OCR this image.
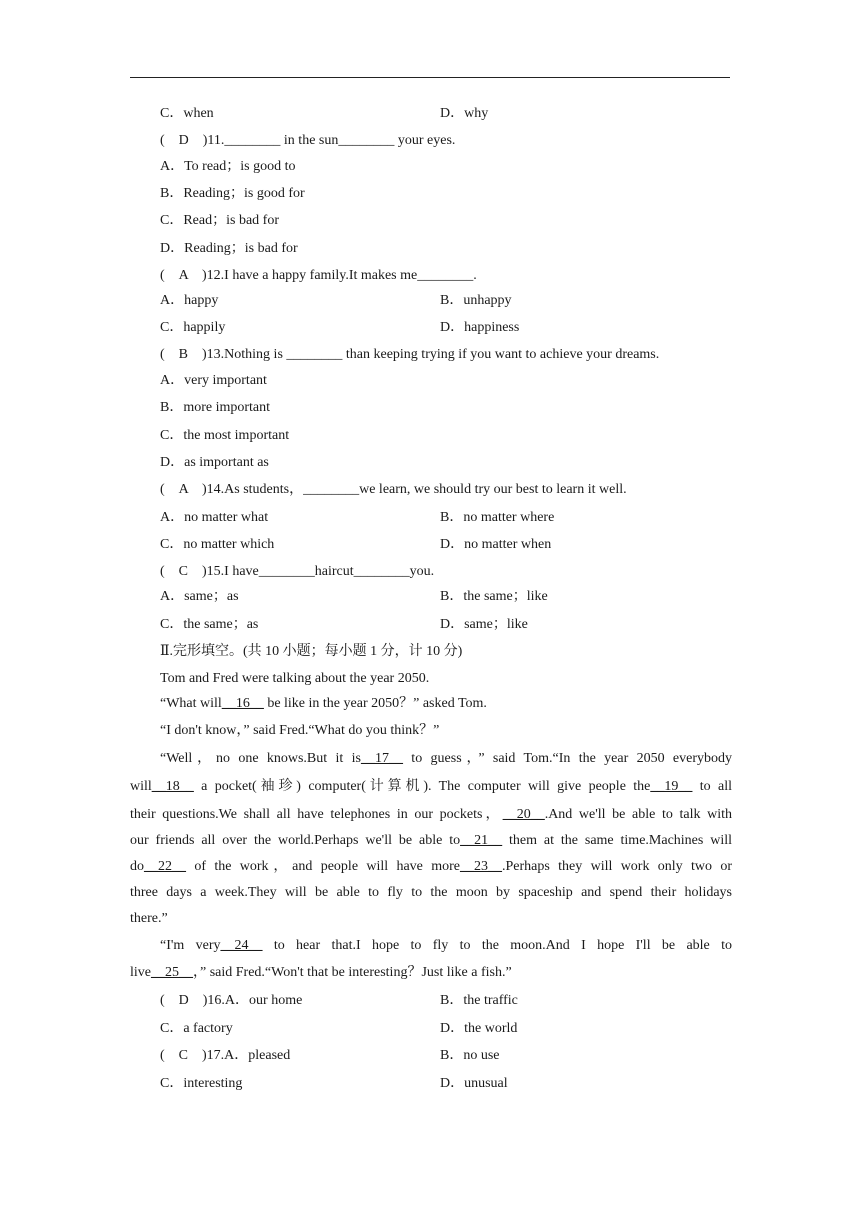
C．when	D．why
(　D　)11.________ in the sun________ your eyes.
A．To read；is good to
B．Reading；is good for
C．Read；is bad for
D．Reading；is bad for
(　A　)12.I have a happy family.It makes me________.
A．happy	B．unhappy
C．happily	D．happiness
(　B　)13.Nothing is ________ than keeping trying if you want to achieve your dreams.
A．very important
B．more important
C．the most important
D．as important as
(　A　)14.As students，________we learn, we should try our best to learn it well.
A．no matter what	B．no matter where
C．no matter which	D．no matter when
(　C　)15.I have________haircut________you.
A．same；as	B．the same；like
C．the same；as	D．same；like
Ⅱ.完形填空。(共 10 小题；每小题 1 分，计 10 分)
Tom and Fred were talking about the year 2050.
“What will__16__ be like in the year 2050？” asked Tom.
“I don't know，” said Fred.“What do you think？”
“Well，no one knows.But it is__17__ to guess，” said Tom.“In the year 2050 everybody
will__18__ a pocket(袖珍) computer(计算机). The computer will give people the__19__ to all
their questions.We shall all have telephones in our pockets，__20__.And we'll be able to talk with
our friends all over the world.Perhaps we'll be able to__21__ them at the same time.Machines will
do__22__ of the work，and people will have more__23__.Perhaps they will work only two or
three days a week.They will be able to fly to the moon by spaceship and spend their holidays
there.”
“I'm very__24__ to hear that.I hope to fly to the moon.And I hope I'll be able to
live__25__，” said Fred.“Won't that be interesting？Just like a fish.”
(　D　)16.A．our home	B．the traffic
C．a factory	D．the world
(　C　)17.A．pleased	B．no use
C．interesting	D．unusual
